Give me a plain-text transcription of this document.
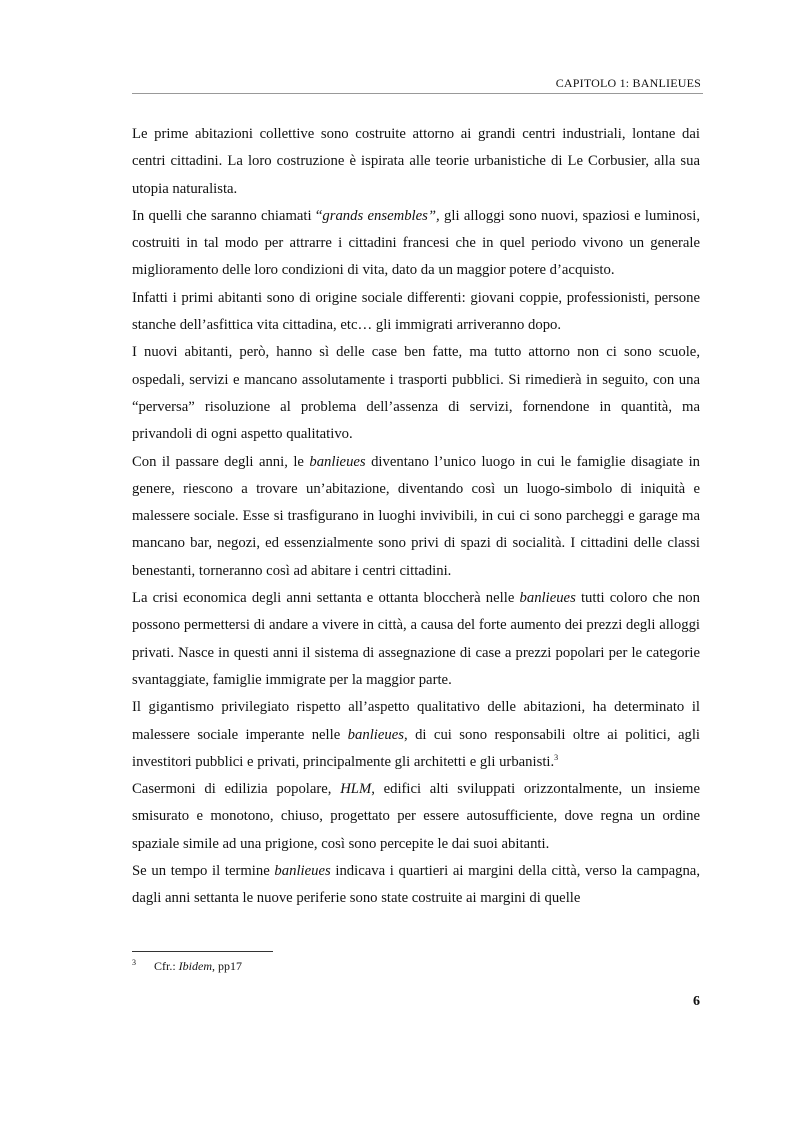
CAPITOLO 1: BANLIEUES

Le prime abitazioni collettive sono costruite attorno ai grandi centri industriali, lontane dai centri cittadini. La loro costruzione è ispirata alle teorie urbanistiche di Le Corbusier, alla sua utopia naturalista.

In quelli che saranno chiamati “grands ensembles”, gli alloggi sono nuovi, spaziosi e luminosi, costruiti in tal modo per attrarre i cittadini francesi che in quel periodo vivono un generale miglioramento delle loro condizioni di vita, dato da un maggior potere d’acquisto.

Infatti i primi abitanti sono di origine sociale differenti: giovani coppie, professionisti, persone stanche dell’asfittica vita cittadina, etc… gli immigrati arriveranno dopo.

I nuovi abitanti, però, hanno sì delle case ben fatte, ma tutto attorno non ci sono scuole, ospedali, servizi e mancano assolutamente i trasporti pubblici. Si rimedierà in seguito, con una “perversa” risoluzione al problema dell’assenza di servizi, fornendone in quantità, ma privandoli di ogni aspetto qualitativo.

Con il passare degli anni, le banlieues diventano l’unico luogo in cui le famiglie disagiate in genere, riescono a trovare un’abitazione, diventando così un luogo-simbolo di iniquità e malessere sociale. Esse si trasfigurano in luoghi invivibili, in cui ci sono parcheggi e garage ma mancano bar, negozi, ed essenzialmente sono privi di spazi di socialità. I cittadini delle classi benestanti, torneranno così ad abitare i centri cittadini.

La crisi economica degli anni settanta e ottanta bloccherà nelle banlieues tutti coloro che non possono permettersi di andare a vivere in città, a causa del forte aumento dei prezzi degli alloggi privati. Nasce in questi anni il sistema di assegnazione di case a prezzi popolari per le categorie svantaggiate, famiglie immigrate per la maggior parte.

Il gigantismo privilegiato rispetto all’aspetto qualitativo delle abitazioni, ha determinato il malessere sociale imperante nelle banlieues, di cui sono responsabili oltre ai politici, agli investitori pubblici e privati, principalmente gli architetti e gli urbanisti.$^3$

Casermoni di edilizia popolare, HLM, edifici alti sviluppati orizzontalmente, un insieme smisurato e monotono, chiuso, progettato per essere autosufficiente, dove regna un ordine spaziale simile ad una prigione, così sono percepite le dai suoi abitanti.

Se un tempo il termine banlieues indicava i quartieri ai margini della città, verso la campagna, dagli anni settanta le nuove periferie sono state costruite ai margini di quelle

3 Cfr.: Ibidem, pp17
6
